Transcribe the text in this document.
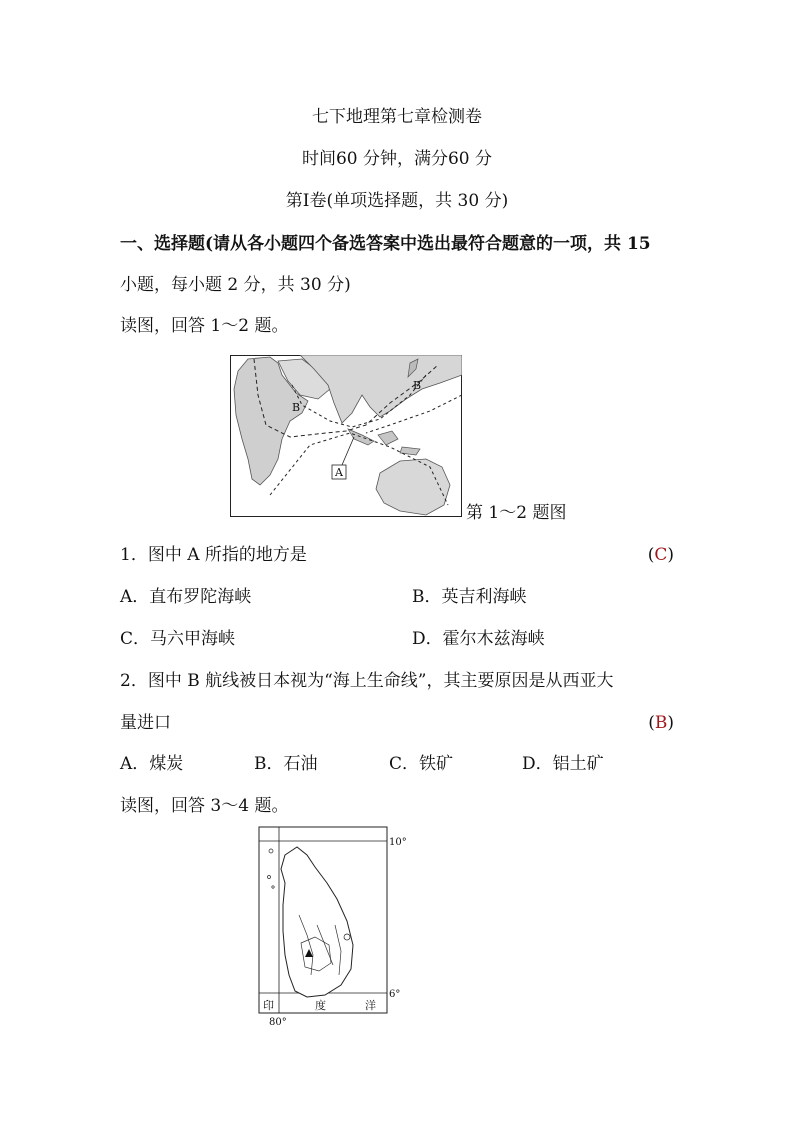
七下地理第七章检测卷
时间60 分钟，满分60 分
第Ⅰ卷(单项选择题，共 30 分)
一、选择题(请从各小题四个备选答案中选出最符合题意的一项，共 15
小题，每小题 2 分，共 30 分)
读图，回答 1～2 题。
A
B
B
第 1～2 题图
1．图中 A 所指的地方是	(C)
A．直布罗陀海峡	B．英吉利海峡
C．马六甲海峡	D．霍尔木兹海峡
2．图中 B 航线被日本视为“海上生命线”，其主要原因是从西亚大
量进口	(B)
A．煤炭	B．石油	C．铁矿	D．铝土矿
读图，回答 3～4 题。
10°
6°
80°
印	度	洋
